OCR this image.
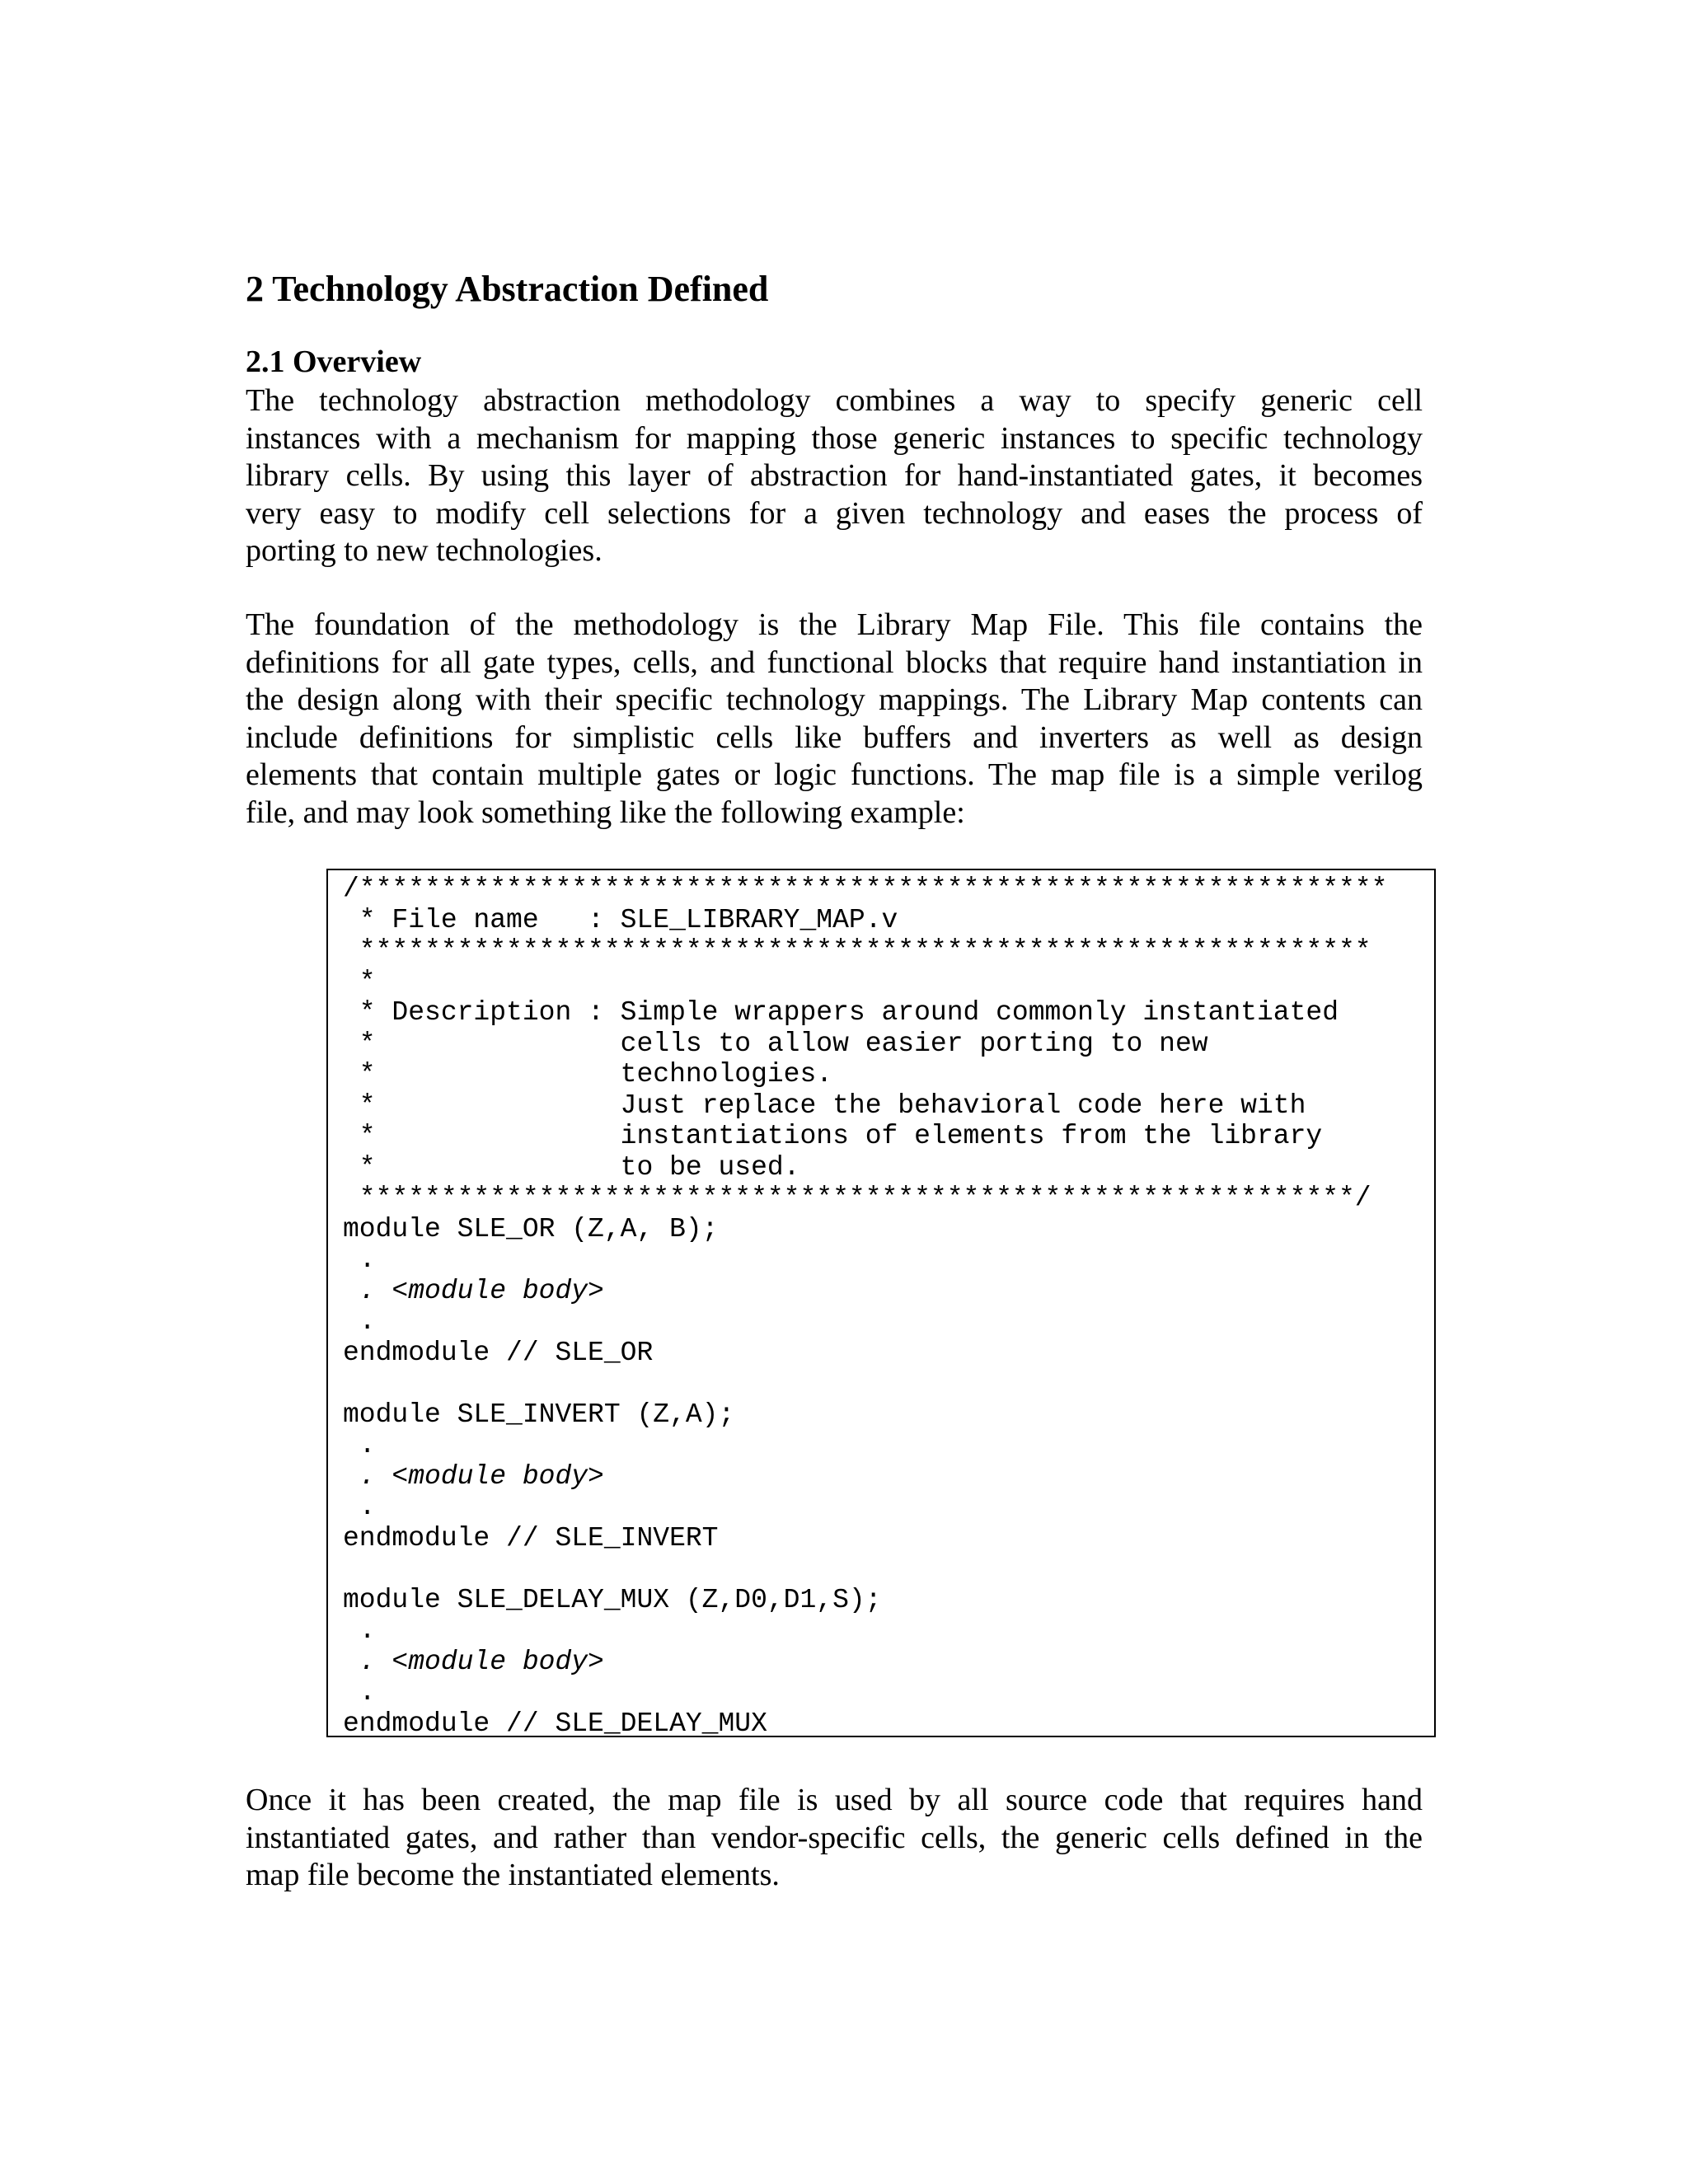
2 Technology Abstraction Defined
2.1 Overview
The technology abstraction methodology combines a way to specify generic cell
instances with a mechanism for mapping those generic instances to specific technology
library cells. By using this layer of abstraction for hand-instantiated gates, it becomes
very easy to modify cell selections for a given technology and eases the process of
porting to new technologies.
The foundation of the methodology is the Library Map File. This file contains the
definitions for all gate types, cells, and functional blocks that require hand instantiation in
the design along with their specific technology mappings. The Library Map contents can
include definitions for simplistic cells like buffers and inverters as well as design
elements that contain multiple gates or logic functions. The map file is a simple verilog
file, and may look something like the following example:
/***************************************************************
* File name   : SLE_LIBRARY_MAP.v
**************************************************************
*
* Description : Simple wrappers around commonly instantiated
*               cells to allow easier porting to new
*               technologies.
*               Just replace the behavioral code here with
*               instantiations of elements from the library
*               to be used.
*************************************************************/
module SLE_OR (Z,A, B);
.
. <module body>
.
endmodule // SLE_OR
module SLE_INVERT (Z,A);
.
. <module body>
.
endmodule // SLE_INVERT
module SLE_DELAY_MUX (Z,D0,D1,S);
.
. <module body>
.
endmodule // SLE_DELAY_MUX
Once it has been created, the map file is used by all source code that requires hand
instantiated gates, and rather than vendor-specific cells, the generic cells defined in the
map file become the instantiated elements.
